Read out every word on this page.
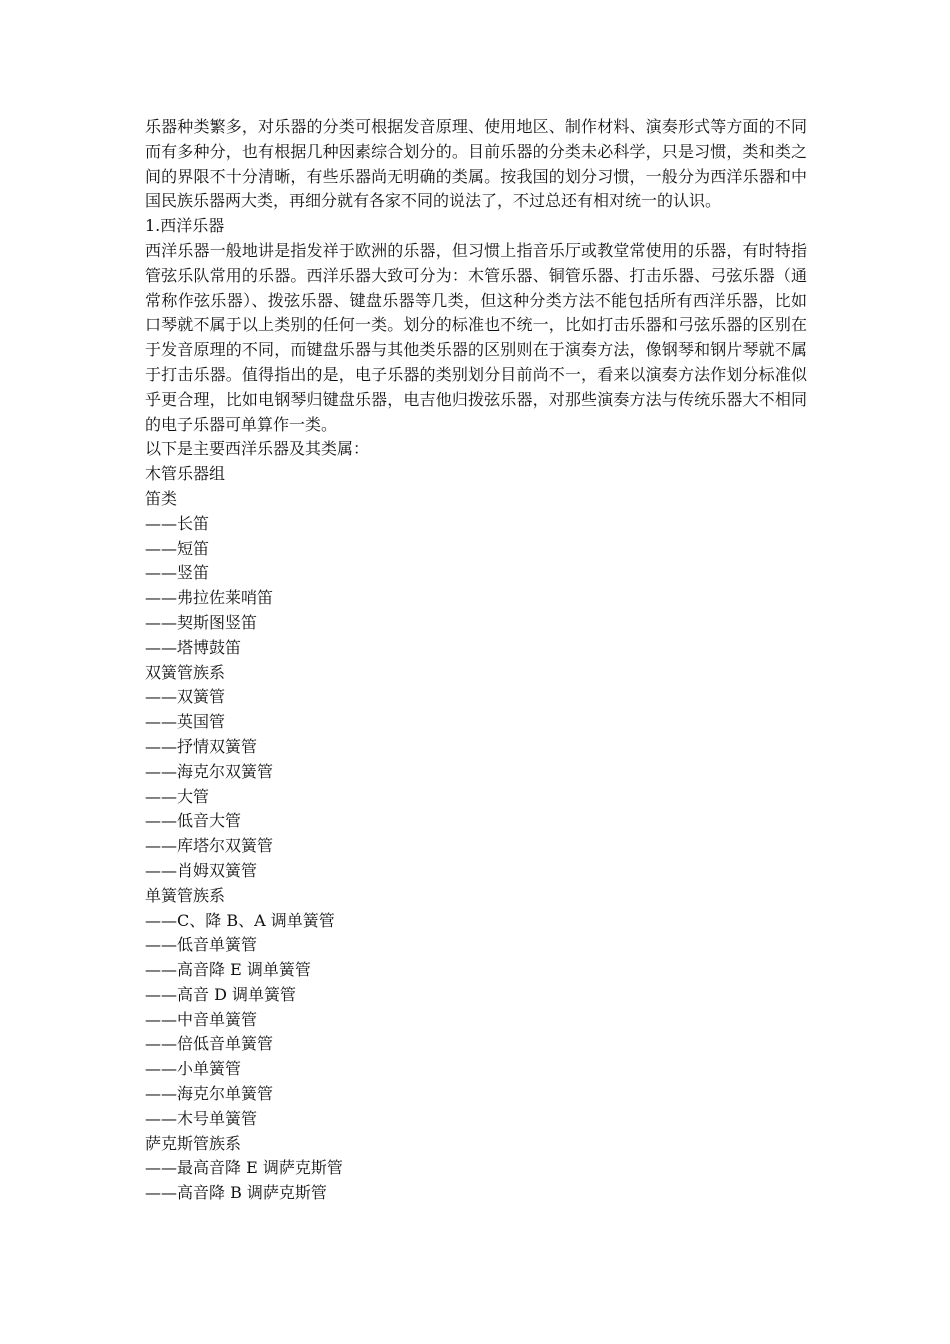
乐器种类繁多，对乐器的分类可根据发音原理、使用地区、制作材料、演奏形式等方面的不同而有多种分，也有根据几种因素综合划分的。目前乐器的分类未必科学，只是习惯，类和类之间的界限不十分清晰，有些乐器尚无明确的类属。按我国的划分习惯，一般分为西洋乐器和中国民族乐器两大类，再细分就有各家不同的说法了，不过总还有相对统一的认识。

1.西洋乐器

西洋乐器一般地讲是指发祥于欧洲的乐器，但习惯上指音乐厅或教堂常使用的乐器，有时特指管弦乐队常用的乐器。西洋乐器大致可分为：木管乐器、铜管乐器、打击乐器、弓弦乐器（通常称作弦乐器）、拨弦乐器、键盘乐器等几类，但这种分类方法不能包括所有西洋乐器，比如口琴就不属于以上类别的任何一类。划分的标准也不统一，比如打击乐器和弓弦乐器的区别在于发音原理的不同，而键盘乐器与其他类乐器的区别则在于演奏方法，像钢琴和钢片琴就不属于打击乐器。值得指出的是，电子乐器的类别划分目前尚不一，看来以演奏方法作划分标准似乎更合理，比如电钢琴归键盘乐器，电吉他归拨弦乐器，对那些演奏方法与传统乐器大不相同的电子乐器可单算作一类。

以下是主要西洋乐器及其类属：

木管乐器组

笛类

——长笛

——短笛

——竖笛

——弗拉佐莱哨笛

——契斯图竖笛

——塔博鼓笛

双簧管族系

——双簧管

——英国管

——抒情双簧管

——海克尔双簧管

——大管

——低音大管

——库塔尔双簧管

——肖姆双簧管

单簧管族系

——C、降 B、A 调单簧管

——低音单簧管

——高音降 E 调单簧管

——高音 D 调单簧管

——中音单簧管

——倍低音单簧管

——小单簧管

——海克尔单簧管

——木号单簧管

萨克斯管族系

——最高音降 E 调萨克斯管

——高音降 B 调萨克斯管
